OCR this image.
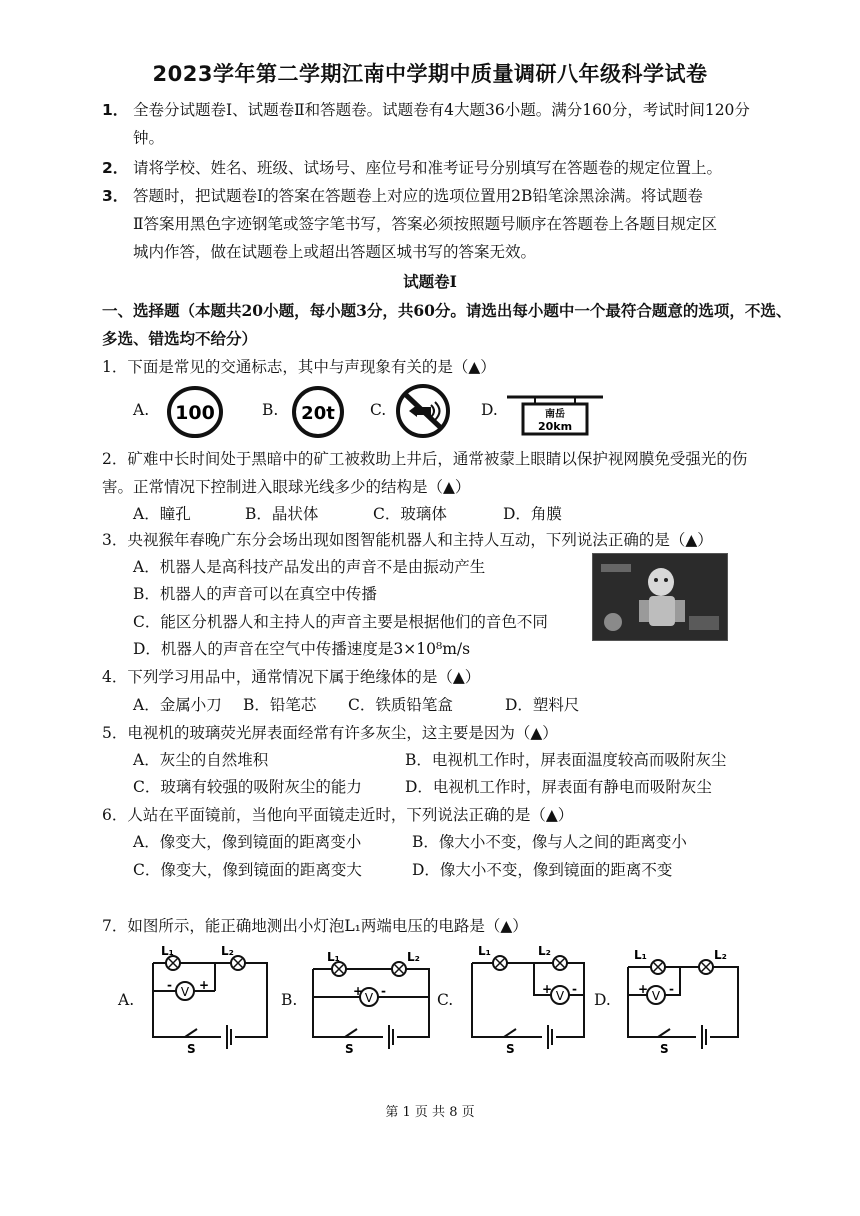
2023学年第二学期江南中学期中质量调研八年级科学试卷
1． 全卷分试题卷Ⅰ、试题卷Ⅱ和答题卷。试题卷有4大题36小题。满分160分，考试时间120分
钟。
2． 请将学校、姓名、班级、试场号、座位号和准考证号分别填写在答题卷的规定位置上。
3． 答题时，把试题卷Ⅰ的答案在答题卷上对应的选项位置用2B铅笔涂黑涂满。将试题卷
Ⅱ答案用黑色字迹钢笔或签字笔书写，答案必须按照题号顺序在答题卷上各题目规定区
城内作答，做在试题卷上或超出答题区城书写的答案无效。
试题卷Ⅰ
一、选择题（本题共20小题，每小题3分，共60分。请选出每小题中一个最符合题意的选项，不选、
多选、错选均不给分）
1．下面是常见的交通标志，其中与声现象有关的是（▲）
A. 100	B. 20t C.	D.	南岳
20km
2．矿难中长时间处于黑暗中的矿工被救助上井后，通常被蒙上眼睛以保护视网膜免受强光的伤
害。正常情况下控制进入眼球光线多少的结构是（▲）
A．瞳孔	B．晶状体	C．玻璃体	D．角膜
3．央视猴年春晚广东分会场出现如图智能机器人和主持人互动，下列说法正确的是（▲）
A．机器人是高科技产品发出的声音不是由振动产生
B．机器人的声音可以在真空中传播
C．能区分机器人和主持人的声音主要是根据他们的音色不同
D．机器人的声音在空气中传播速度是3×10⁸m/s
4．下列学习用品中，通常情况下属于绝缘体的是（▲）
A．金属小刀 B．铅笔芯 C．铁质铅笔盒	D．塑料尺
5．电视机的玻璃荧光屏表面经常有许多灰尘，这主要是因为（▲）
A．灰尘的自然堆积	B．电视机工作时，屏表面温度较高而吸附灰尘
C．玻璃有较强的吸附灰尘的能力	D．电视机工作时，屏表面有静电而吸附灰尘
6．人站在平面镜前，当他向平面镜走近时，下列说法正确的是（▲）
A．像变大，像到镜面的距离变小	B．像大小不变，像与人之间的距离变小
C．像变大，像到镜面的距离变大	D．像大小不变，像到镜面的距离不变
7．如图所示，能正确地测出小灯泡L₁两端电压的电路是（▲）
A.	B.	C.	D.
L₁	L₂
V
- +
S
L₁	L₂
V
+ -
S
L₁	L₂
V
+ -
S
L₁	L₂
V
+ -
S
第 1 页 共 8 页
